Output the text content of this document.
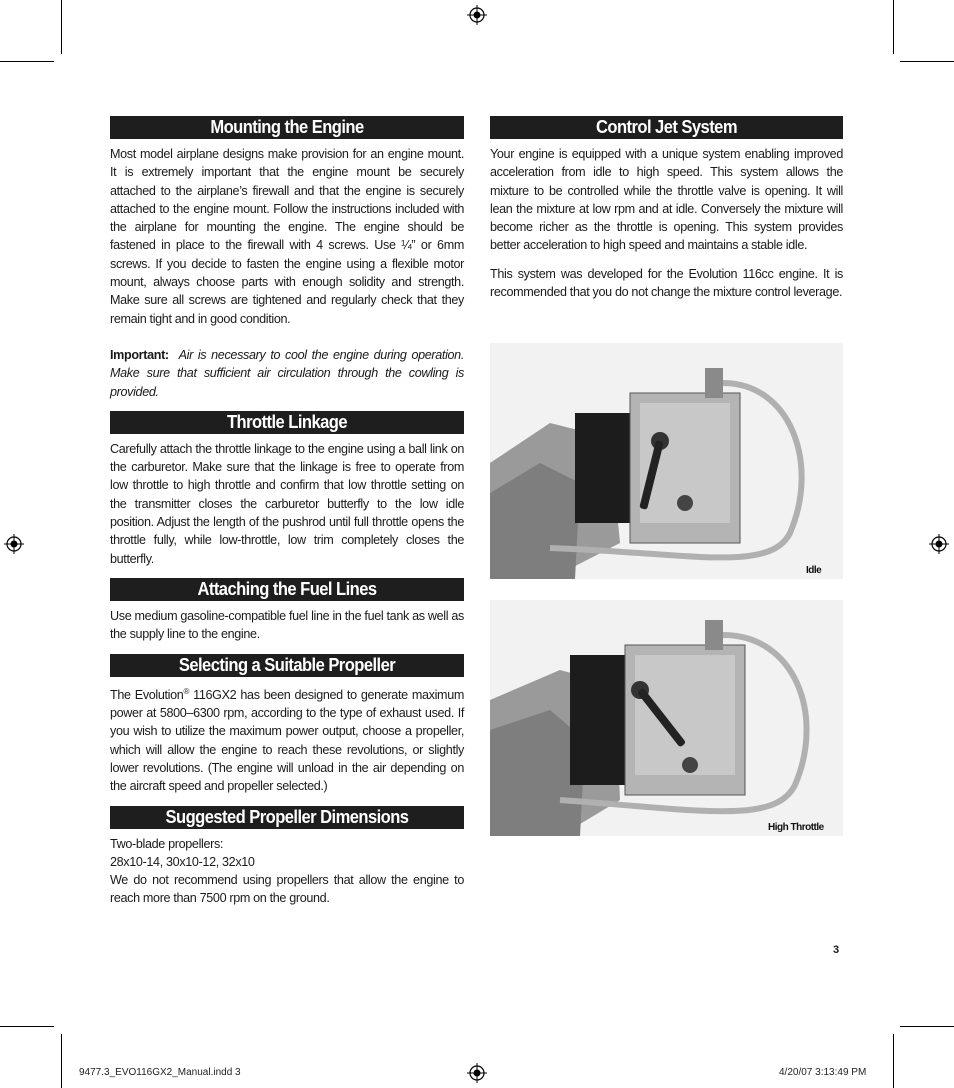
Mounting the Engine

Most model airplane designs make provision for an engine mount. It is extremely important that the engine mount be securely attached to the airplane’s firewall and that the engine is securely attached to the engine mount. Follow the instructions included with the airplane for mounting the engine. The engine should be fastened in place to the firewall with 4 screws. Use ¼” or 6mm screws. If you decide to fasten the engine using a flexible motor mount, always choose parts with enough solidity and strength. Make sure all screws are tightened and regularly check that they remain tight and in good condition.

Important: Air is necessary to cool the engine during operation. Make sure that sufficient air circulation through the cowling is provided.

Throttle Linkage

Carefully attach the throttle linkage to the engine using a ball link on the carburetor. Make sure that the linkage is free to operate from low throttle to high throttle and confirm that low throttle setting on the transmitter closes the carburetor butterfly to the low idle position. Adjust the length of the pushrod until full throttle opens the throttle fully, while low-throttle, low trim completely closes the butterfly.

Attaching the Fuel Lines

Use medium gasoline-compatible fuel line in the fuel tank as well as the supply line to the engine.

Selecting a Suitable Propeller

The Evolution® 116GX2 has been designed to generate maximum power at 5800–6300 rpm, according to the type of exhaust used. If you wish to utilize the maximum power output, choose a propeller, which will allow the engine to reach these revolutions, or slightly lower revolutions. (The engine will unload in the air depending on the aircraft speed and propeller selected.)

Suggested Propeller Dimensions

Two-blade propellers:

28x10-14, 30x10-12, 32x10

We do not recommend using propellers that allow the engine to reach more than 7500 rpm on the ground.

Control Jet System

Your engine is equipped with a unique system enabling improved acceleration from idle to high speed. This system allows the mixture to be controlled while the throttle valve is opening. It will lean the mixture at low rpm and at idle. Conversely the mixture will become richer as the throttle is opening. This system provides better acceleration to high speed and maintains a stable idle.

This system was developed for the Evolution 116cc engine. It is recommended that you do not change the mixture control leverage.

Idle
High Throttle
3
9477.3_EVO116GX2_Manual.indd 3	4/20/07 3:13:49 PM
